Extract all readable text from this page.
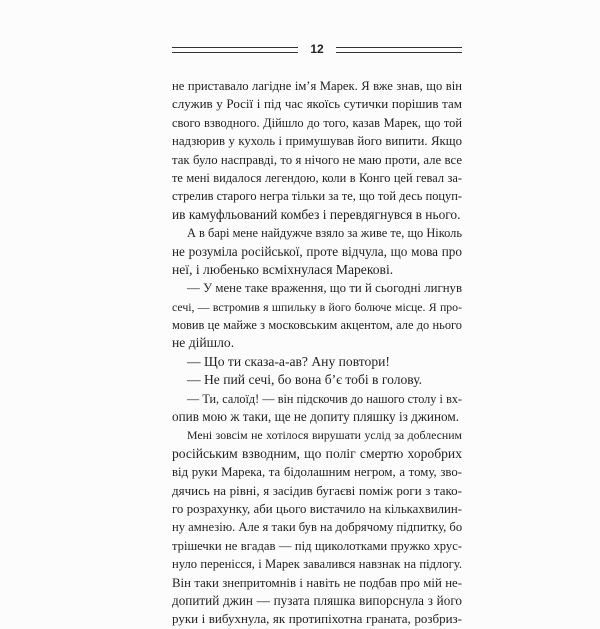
12
не приставало лагідне ім’я Марек. Я вже знав, що він
служив у Росії і під час якоїсь сутички порішив там
свого взводного. Дійшло до того, казав Марек, що той
надзюрив у кухоль і примушував його випити. Якщо
так було насправді, то я нічого не маю проти, але все
те мені видалося легендою, коли в Конго цей гевал за-
стрелив старого негра тільки за те, що той десь поцуп-
ив камуфльований комбез і перевдягнувся в нього.
А в барі мене найдужче взяло за живе те, що Ніколь
не розуміла російської, проте відчула, що мова про
неї, і любенько всміхнулася Марекові.
— У мене таке враження, що ти й сьогодні лигнув
сечі, — встромив я шпильку в його болюче місце. Я про-
мовив це майже з московським акцентом, але до нього
не дійшло.
— Що ти сказа-а-ав? Ану повтори!
— Не пий сечі, бо вона б’є тобі в голову.
— Ти, салоїд! — він підскочив до нашого столу і вх-
опив мою ж таки, ще не допиту пляшку із джином.
Мені зовсім не хотілося вирушати услід за доблесним
російським взводним, що поліг смертю хоробрих
від руки Марека, та бідолашним негром, а тому, зво-
дячись на рівні, я засідив бугаєві поміж роги з тако-
го розрахунку, аби цього вистачило на кількахвилин-
ну амнезію. Але я таки був на добрячому підпитку, бо
трішечки не вгадав — під щиколотками пружко хрус-
нуло перенісся, і Марек завалився навзнак на підлогу.
Він таки знепритомнів і навіть не подбав про мій не-
допитий джин — пузата пляшка випорснула з його
руки і вибухнула, як протипіхотна граната, розбриз-
